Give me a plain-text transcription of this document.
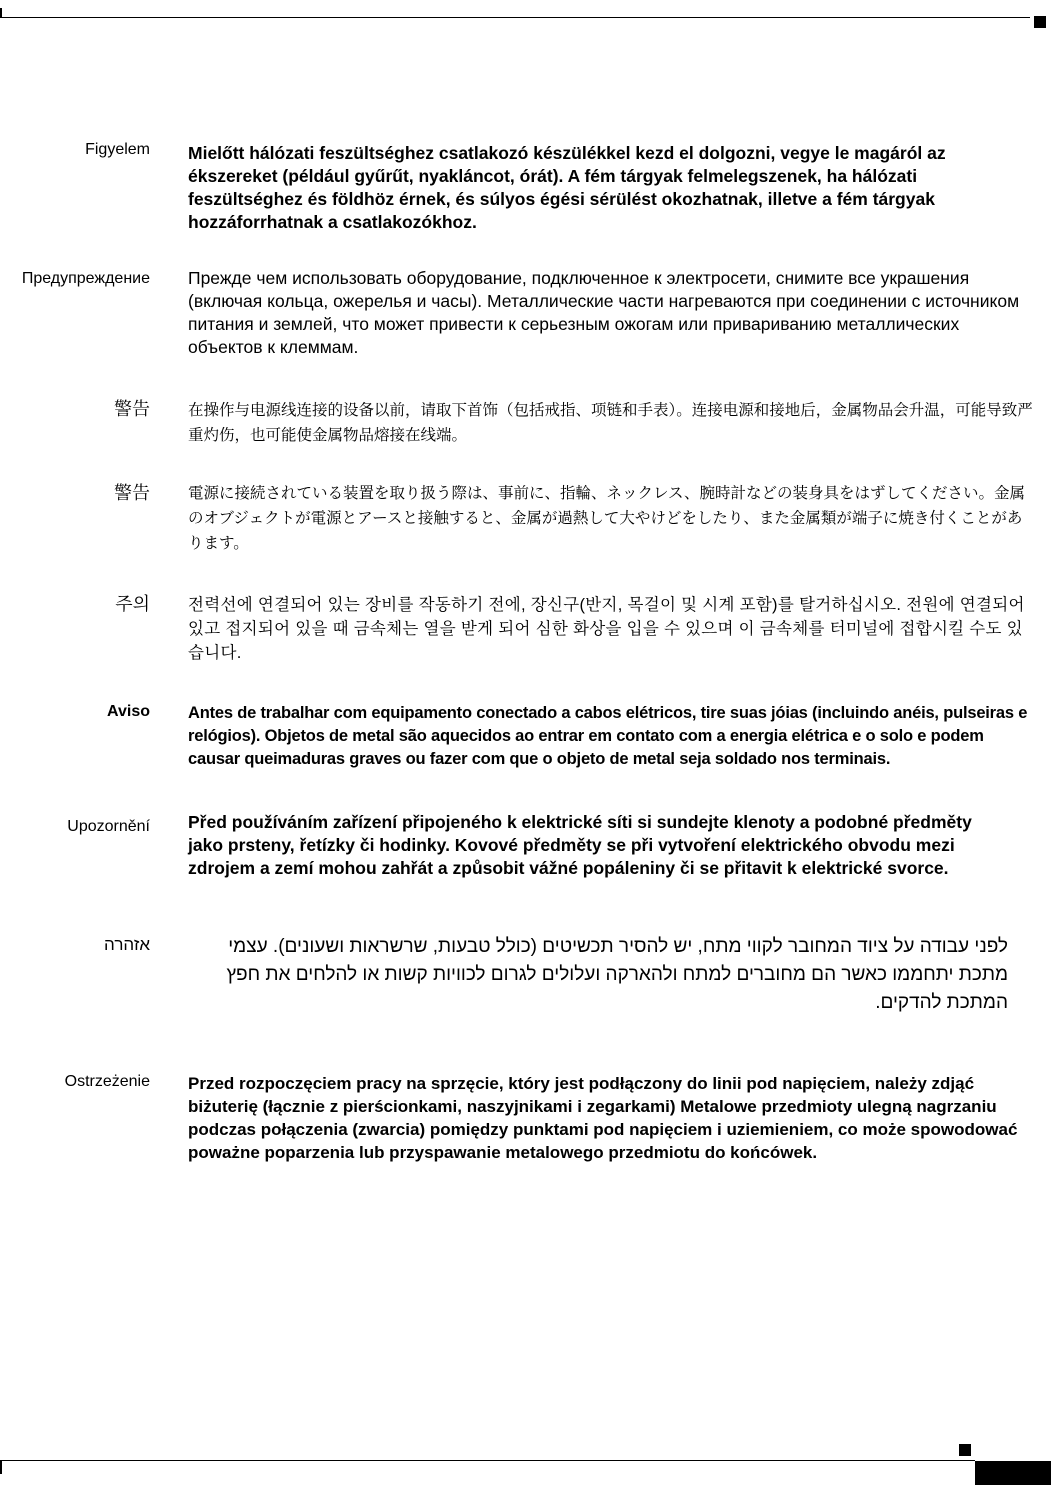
Figyelem Mielőtt hálózati feszültséghez csatlakozó készülékkel kezd el dolgozni, vegye le magáról az ékszereket (például gyűrűt, nyakláncot, órát). A fém tárgyak felmelegszenek, ha hálózati feszültséghez és földhöz érnek, és súlyos égési sérülést okozhatnak, illetve a fém tárgyak hozzáforrhatnak a csatlakozókhoz.
Предупреждение Прежде чем использовать оборудование, подключенное к электросети, снимите все украшения (включая кольца, ожерелья и часы). Металлические части нагреваются при соединении с источником питания и землей, что может привести к серьезным ожогам или привариванию металлических объектов к клеммам.
警告 在操作与电源线连接的设备以前，请取下首饰（包括戒指、项链和手表）。连接电源和接地后，金属物品会升温，可能导致严重灼伤，也可能使金属物品熔接在线端。
警告 電源に接続されている装置を取り扱う際は、事前に、指輪、ネックレス、腕時計などの装身具をはずしてください。金属のオブジェクトが電源とアースと接触すると、金属が過熱して大やけどをしたり、また金属類が端子に焼き付くことがあります。
주의 전력선에 연결되어 있는 장비를 작동하기 전에, 장신구(반지, 목걸이 및 시계 포함)를 탈거하십시오. 전원에 연결되어 있고 접지되어 있을 때 금속체는 열을 받게 되어 심한 화상을 입을 수 있으며 이 금속체를 터미널에 접합시킬 수도 있습니다.
Aviso Antes de trabalhar com equipamento conectado a cabos elétricos, tire suas jóias (incluindo anéis, pulseiras e relógios). Objetos de metal são aquecidos ao entrar em contato com a energia elétrica e o solo e podem causar queimaduras graves ou fazer com que o objeto de metal seja soldado nos terminais.
Upozornění Před používáním zařízení připojeného k elektrické síti si sundejte klenoty a podobné předměty jako prsteny, řetízky či hodinky. Kovové předměty se při vytvoření elektrického obvodu mezi zdrojem a zemí mohou zahřát a způsobit vážné popáleniny či se přitavit k elektrické svorce.
אזהרה	לפני עבודה על ציוד המחובר לקווי מתח, יש להסיר תכשיטים (כולל טבעות, שרשראות ושעונים). עצמי מתכת יתחממו כאשר הם מחוברים למתח ולהארקה ועלולים לגרום לכוויות קשות או להלחים את חפץ המתכת להדקים.
Ostrzeżenie Przed rozpoczęciem pracy na sprzęcie, który jest podłączony do linii pod napięciem, należy zdjąć biżuterię (łącznie z pierścionkami, naszyjnikami i zegarkami) Metalowe przedmioty ulegną nagrzaniu podczas połączenia (zwarcia) pomiędzy punktami pod napięciem i uziemieniem, co może spowodować poważne poparzenia lub przyspawanie metalowego przedmiotu do końcówek.
